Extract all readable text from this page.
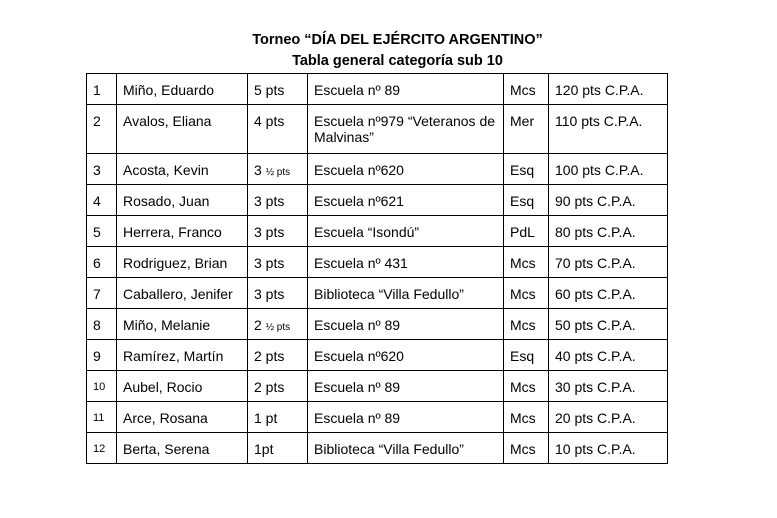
Torneo “DÍA DEL EJÉRCITO ARGENTINO”
Tabla general categoría sub 10
1	Miño, Eduardo	5 pts	Escuela nº 89	Mcs	120 pts C.P.A.
2	Avalos, Eliana	4 pts	Escuela nº979 “Veteranos de Malvinas”	Mer	110 pts C.P.A.
3	Acosta, Kevin	3 ½ pts	Escuela nº620	Esq	100 pts C.P.A.
4	Rosado, Juan	3 pts	Escuela nº621	Esq	90 pts C.P.A.
5	Herrera, Franco	3 pts	Escuela “Isondú”	PdL	80 pts C.P.A.
6	Rodriguez, Brian	3 pts	Escuela nº 431	Mcs	70 pts C.P.A.
7	Caballero, Jenifer	3 pts	Biblioteca “Villa Fedullo”	Mcs	60 pts C.P.A.
8	Miño, Melanie	2 ½ pts	Escuela nº 89	Mcs	50 pts C.P.A.
9	Ramírez, Martín	2 pts	Escuela nº620	Esq	40 pts C.P.A.
10	Aubel, Rocio	2 pts	Escuela nº 89	Mcs	30 pts C.P.A.
11	Arce, Rosana	1 pt	Escuela nº 89	Mcs	20 pts C.P.A.
12	Berta, Serena	1pt	Biblioteca “Villa Fedullo”	Mcs	10 pts C.P.A.
